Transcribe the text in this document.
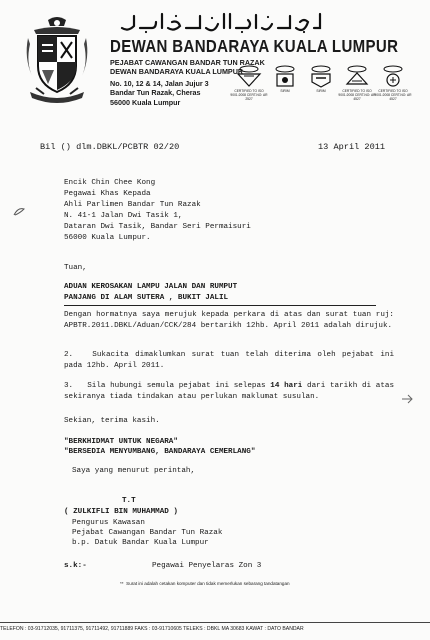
ديوان بندارايا کوالا لومڤور
DEWAN BANDARAYA KUALA LUMPUR
PEJABAT CAWANGAN BANDAR TUN RAZAK
DEWAN BANDARAYA KUALA LUMPUR
No. 10, 12 & 14, Jalan Jujur 3
Bandar Tun Razak, Cheras
56000 Kuala Lumpur
CERTIFIED TO ISO 9001:2008 CERT.NO: AR 2527
SIRIM	SIRIM	CERTIFIED TO ISO 9001:2008 CERT.NO: AR 4527
CERTIFIED TO ISO 9001:2008 CERT.NO: AR 4527
Bil () dlm.DBKL/PCBTR 02/20	13 April 2011
Encik Chin Chee Kong
Pegawai Khas Kepada
Ahli Parlimen Bandar Tun Razak
N. 41-1 Jalan Dwi Tasik 1,
Dataran Dwi Tasik, Bandar Seri Permaisuri
56000 Kuala Lumpur.
Tuan,
ADUAN KEROSAKAN LAMPU JALAN DAN RUMPUT
PANJANG DI ALAM SUTERA , BUKIT JALIL
Dengan hormatnya saya merujuk kepada perkara di atas dan surat tuan ruj: APBTR.2011.DBKL/Aduan/CCK/284 bertarikh 12hb. April 2011 adalah dirujuk.
2.	Sukacita dimaklumkan surat tuan telah diterima oleh pejabat ini pada 12hb. April 2011.
3. Sila hubungi semula pejabat ini selepas 14 hari dari tarikh di atas sekiranya tiada tindakan atau perlukan maklumat susulan.
Sekian, terima kasih.
"BERKHIDMAT UNTUK NEGARA"
"BERSEDIA MENYUMBANG, BANDARAYA CEMERLANG"
Saya yang menurut perintah,
T.T
( ZULKIFLI BIN MUHAMMAD )
Pengurus Kawasan
Pejabat Cawangan Bandar Tun Razak
b.p. Datuk Bandar Kuala Lumpur
s.k:-	Pegawai Penyelaras Zon 3
**  Surat ini adalah cetakan komputer dan tidak memerlukan sebarang tandatangan
TELEFON : 03-91712035, 91711375, 91711492, 91711889 FAKS : 03-91710605 TELEKS : DBKL MA 30683 KAWAT : DATO BANDAR
